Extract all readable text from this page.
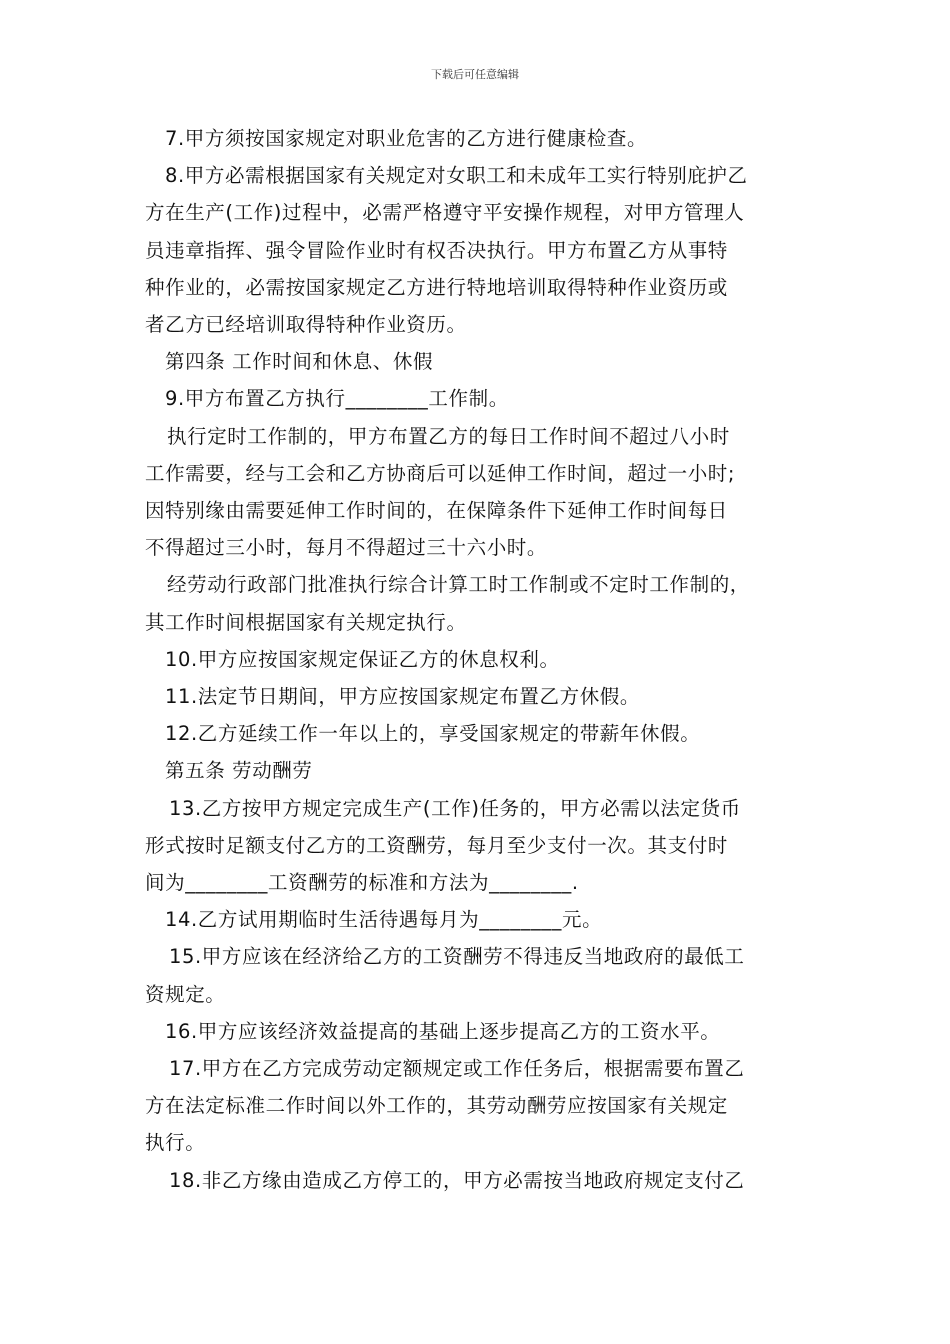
下载后可任意编辑
7.甲方须按国家规定对职业危害的乙方进行健康检查。
8.甲方必需根据国家有关规定对女职工和未成年工实行特别庇护乙
方在生产(工作)过程中，必需严格遵守平安操作规程，对甲方管理人
员违章指挥、强令冒险作业时有权否决执行。甲方布置乙方从事特
种作业的，必需按国家规定乙方进行特地培训取得特种作业资历或
者乙方已经培训取得特种作业资历。
第四条 工作时间和休息、休假
9.甲方布置乙方执行________工作制。
执行定时工作制的，甲方布置乙方的每日工作时间不超过八小时
工作需要，经与工会和乙方协商后可以延伸工作时间，超过一小时;
因特别缘由需要延伸工作时间的，在保障条件下延伸工作时间每日
不得超过三小时，每月不得超过三十六小时。
经劳动行政部门批准执行综合计算工时工作制或不定时工作制的，
其工作时间根据国家有关规定执行。
10.甲方应按国家规定保证乙方的休息权利。
11.法定节日期间，甲方应按国家规定布置乙方休假。
12.乙方延续工作一年以上的，享受国家规定的带薪年休假。
第五条 劳动酬劳
13.乙方按甲方规定完成生产(工作)任务的，甲方必需以法定货币
形式按时足额支付乙方的工资酬劳，每月至少支付一次。其支付时
间为________工资酬劳的标准和方法为________.
14.乙方试用期临时生活待遇每月为________元。
15.甲方应该在经济给乙方的工资酬劳不得违反当地政府的最低工
资规定。
16.甲方应该经济效益提高的基础上逐步提高乙方的工资水平。
17.甲方在乙方完成劳动定额规定或工作任务后，根据需要布置乙
方在法定标准二作时间以外工作的，其劳动酬劳应按国家有关规定
执行。
18.非乙方缘由造成乙方停工的，甲方必需按当地政府规定支付乙
